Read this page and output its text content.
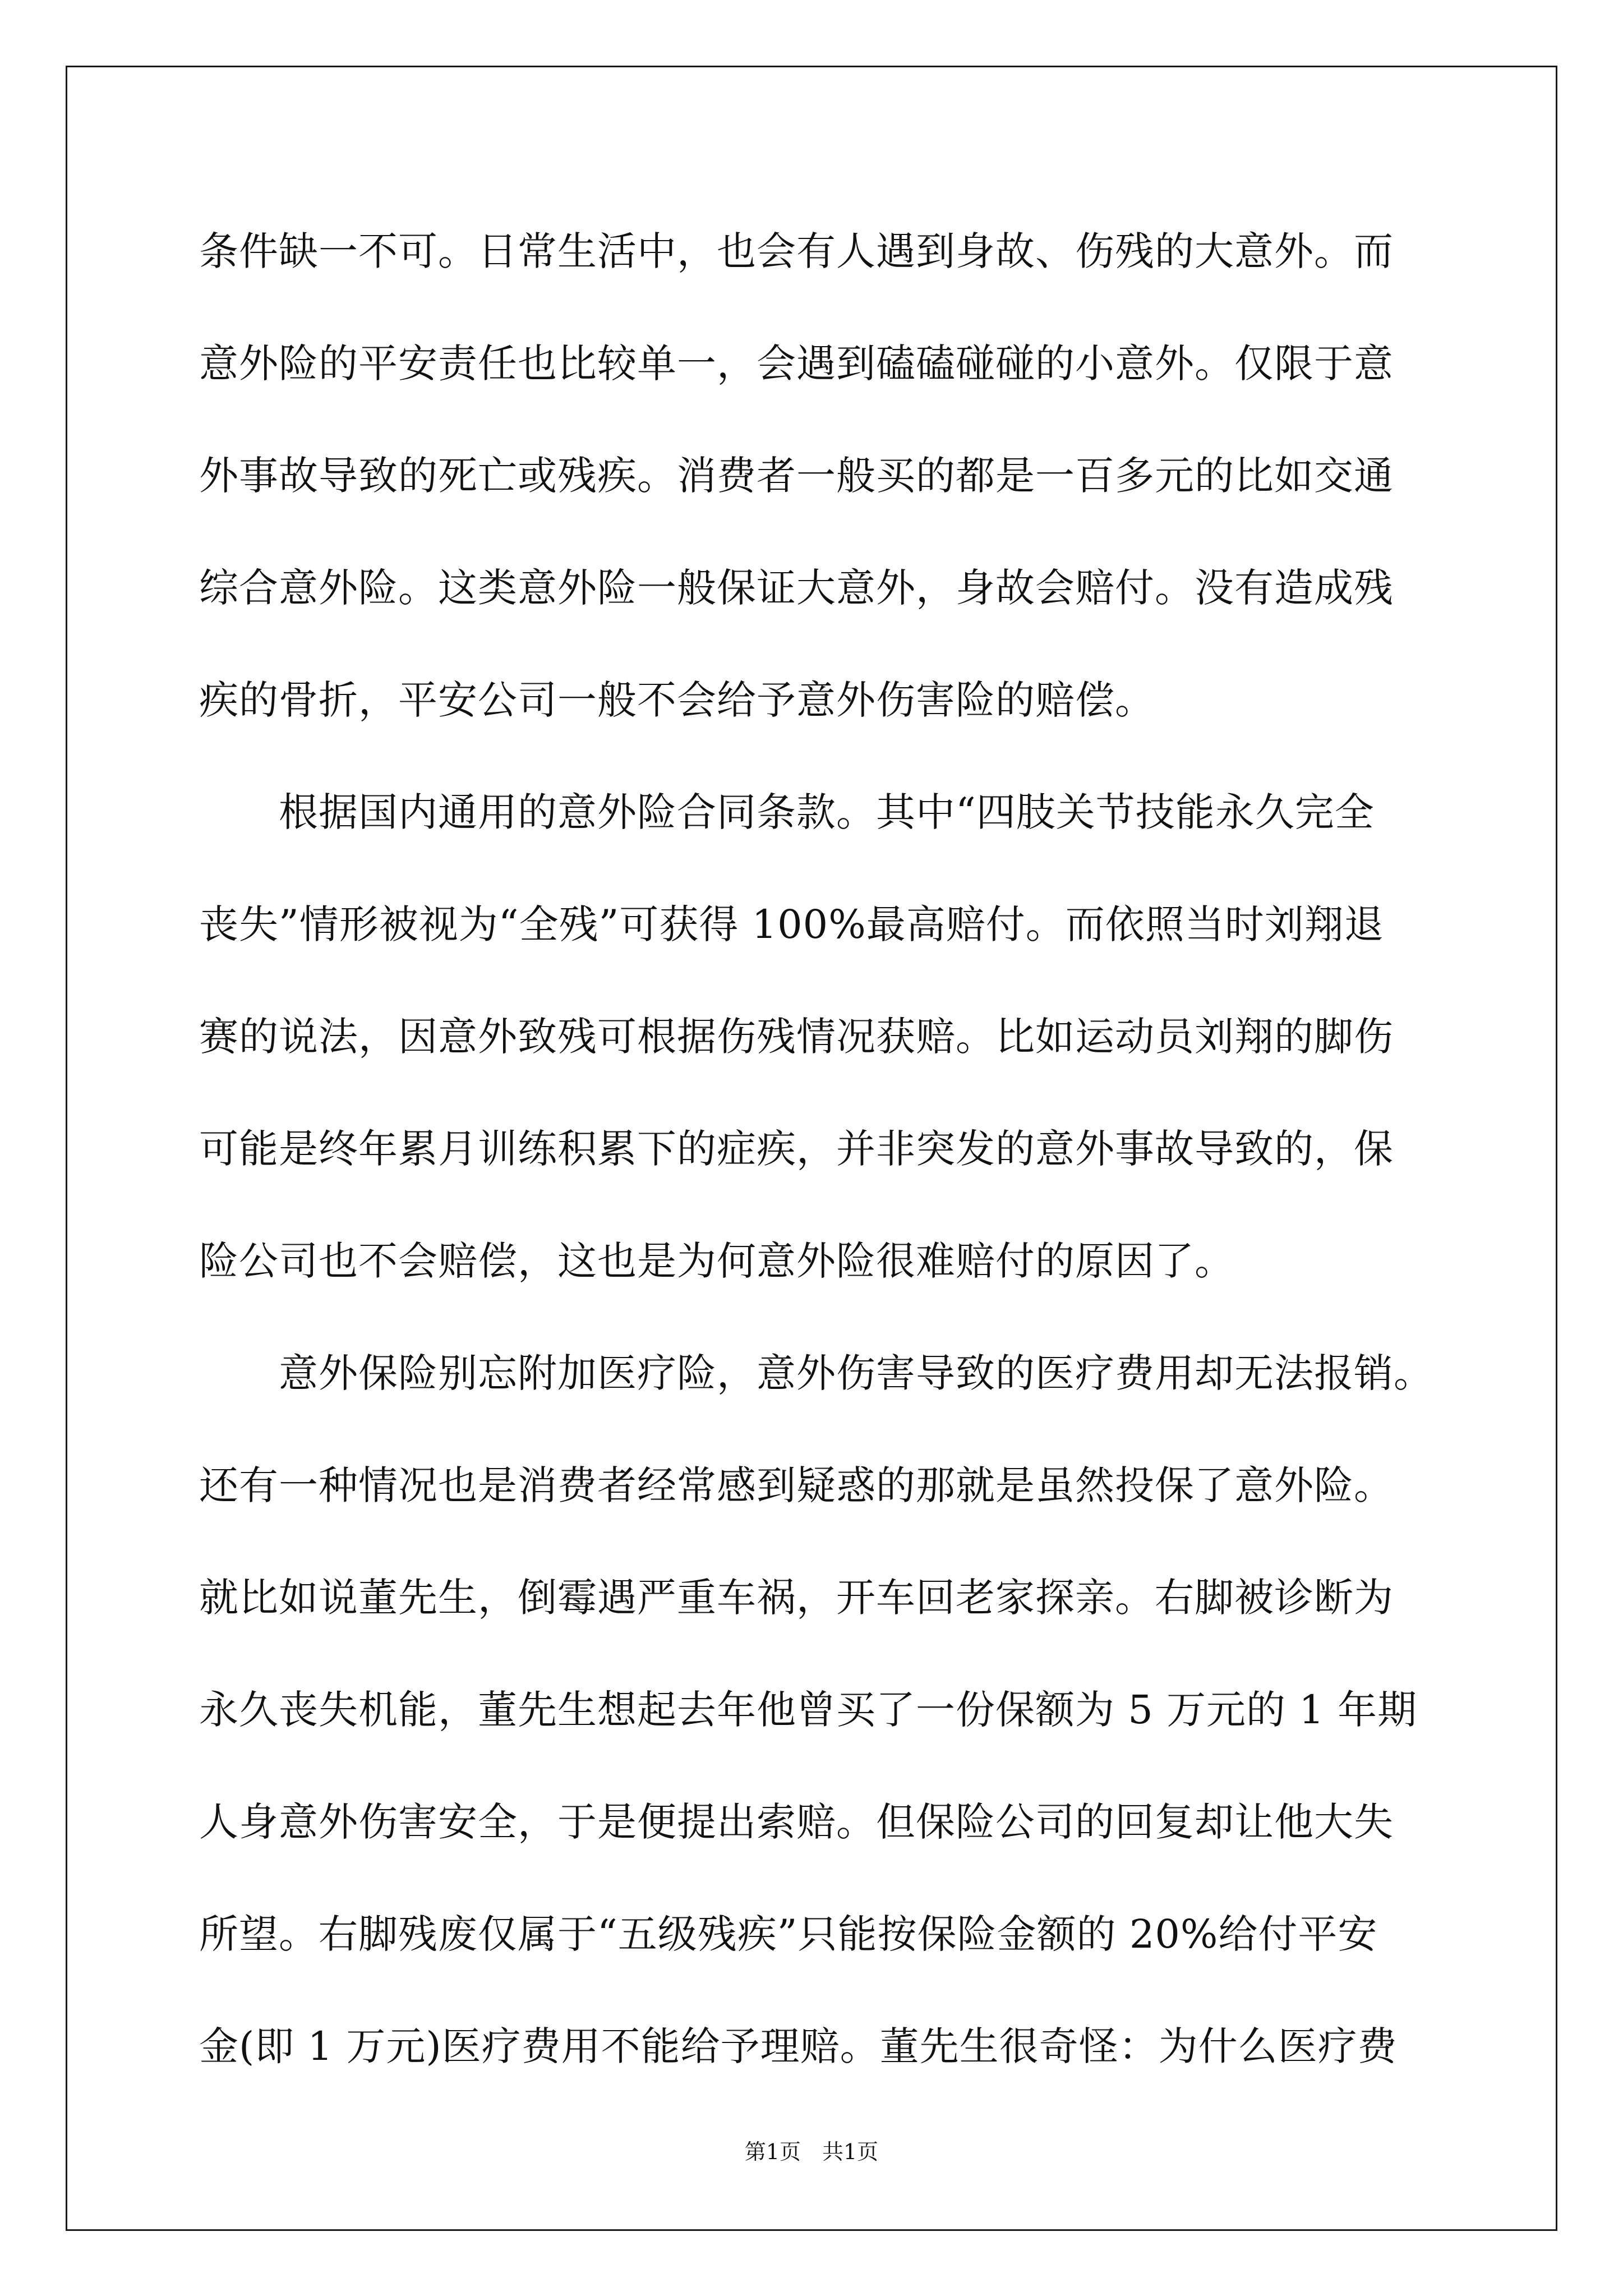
条件缺一不可。日常生活中，也会有人遇到身故、伤残的大意外。而
意外险的平安责任也比较单一，会遇到磕磕碰碰的小意外。仅限于意
外事故导致的死亡或残疾。消费者一般买的都是一百多元的比如交通
综合意外险。这类意外险一般保证大意外，身故会赔付。没有造成残
疾的骨折，平安公司一般不会给予意外伤害险的赔偿。
　　根据国内通用的意外险合同条款。其中“四肢关节技能永久完全
丧失”情形被视为“全残”可获得 100%最高赔付。而依照当时刘翔退
赛的说法，因意外致残可根据伤残情况获赔。比如运动员刘翔的脚伤
可能是终年累月训练积累下的症疾，并非突发的意外事故导致的，保
险公司也不会赔偿，这也是为何意外险很难赔付的原因了。
　　意外保险别忘附加医疗险，意外伤害导致的医疗费用却无法报销。
还有一种情况也是消费者经常感到疑惑的那就是虽然投保了意外险。
就比如说董先生，倒霉遇严重车祸，开车回老家探亲。右脚被诊断为
永久丧失机能，董先生想起去年他曾买了一份保额为 5 万元的 1 年期
人身意外伤害安全，于是便提出索赔。但保险公司的回复却让他大失
所望。右脚残废仅属于“五级残疾”只能按保险金额的 20%给付平安
金(即 1 万元)医疗费用不能给予理赔。董先生很奇怪：为什么医疗费
第1页　共1页
